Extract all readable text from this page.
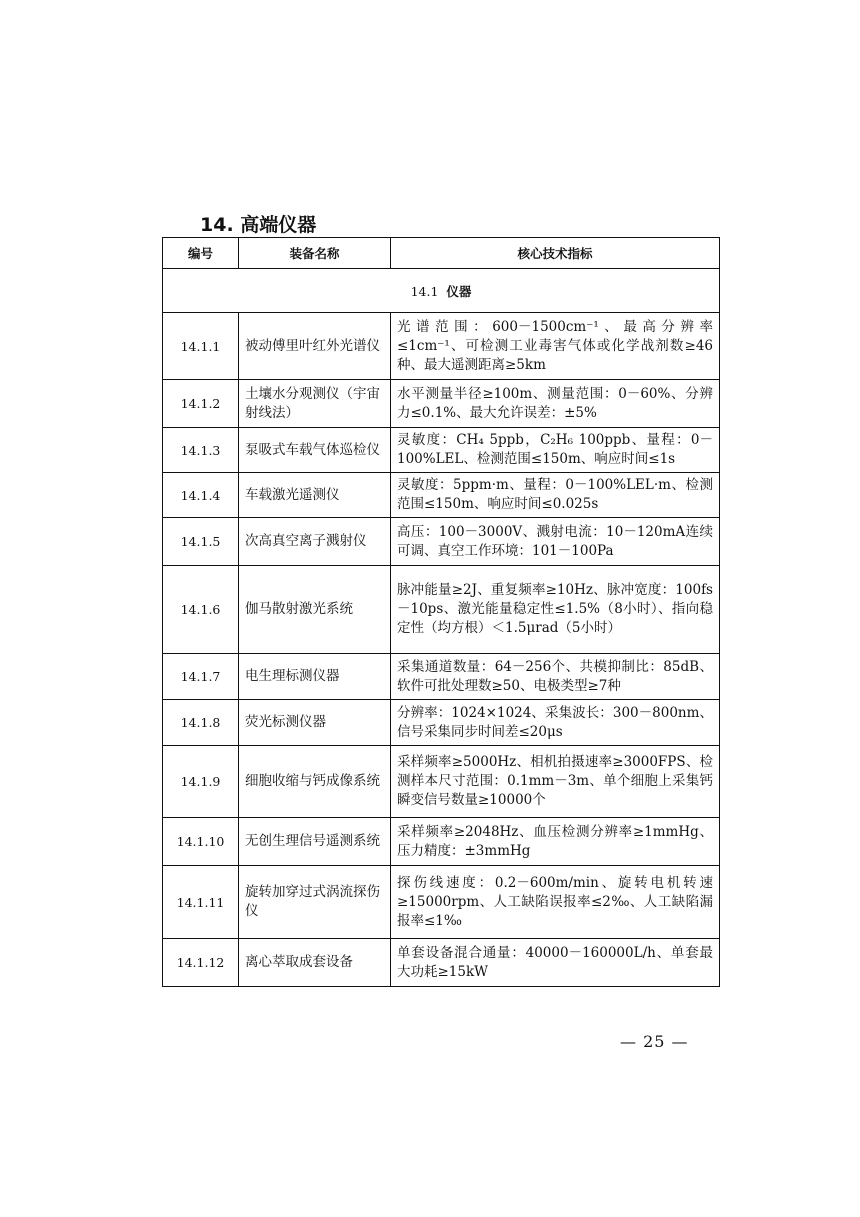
14. 高端仪器
编号	装备名称	核心技术指标
14.1 仪器		
14.1.1	被动傅里叶红外光谱仪	光谱范围：600－1500cm⁻¹、最高分辨率≤1cm⁻¹、可检测工业毒害气体或化学战剂数≥46种、最大遥测距离≥5km
14.1.2	土壤水分观测仪（宇宙射线法）	水平测量半径≥100m、测量范围：0－60%、分辨力≤0.1%、最大允许误差：±5%
14.1.3	泵吸式车载气体巡检仪	灵敏度：CH₄ 5ppb，C₂H₆ 100ppb、量程：0－100%LEL、检测范围≤150m、响应时间≤1s
14.1.4	车载激光遥测仪	灵敏度：5ppm·m、量程：0－100%LEL·m、检测范围≤150m、响应时间≤0.025s
14.1.5	次高真空离子溅射仪	高压：100－3000V、溅射电流：10－120mA连续可调、真空工作环境：101－100Pa
14.1.6	伽马散射激光系统	脉冲能量≥2J、重复频率≥10Hz、脉冲宽度：100fs－10ps、激光能量稳定性≤1.5%（8小时）、指向稳定性（均方根）＜1.5μrad（5小时）
14.1.7	电生理标测仪器	采集通道数量：64－256个、共模抑制比：85dB、软件可批处理数≥50、电极类型≥7种
14.1.8	荧光标测仪器	分辨率：1024×1024、采集波长：300－800nm、信号采集同步时间差≤20μs
14.1.9	细胞收缩与钙成像系统	采样频率≥5000Hz、相机拍摄速率≥3000FPS、检测样本尺寸范围：0.1mm－3m、单个细胞上采集钙瞬变信号数量≥10000个
14.1.10	无创生理信号遥测系统	采样频率≥2048Hz、血压检测分辨率≥1mmHg、压力精度：±3mmHg
14.1.11	旋转加穿过式涡流探伤仪	探伤线速度：0.2－600m/min、旋转电机转速≥15000rpm、人工缺陷误报率≤2‰、人工缺陷漏报率≤1‰
14.1.12	离心萃取成套设备	单套设备混合通量：40000－160000L/h、单套最大功耗≥15kW
— 25 —
